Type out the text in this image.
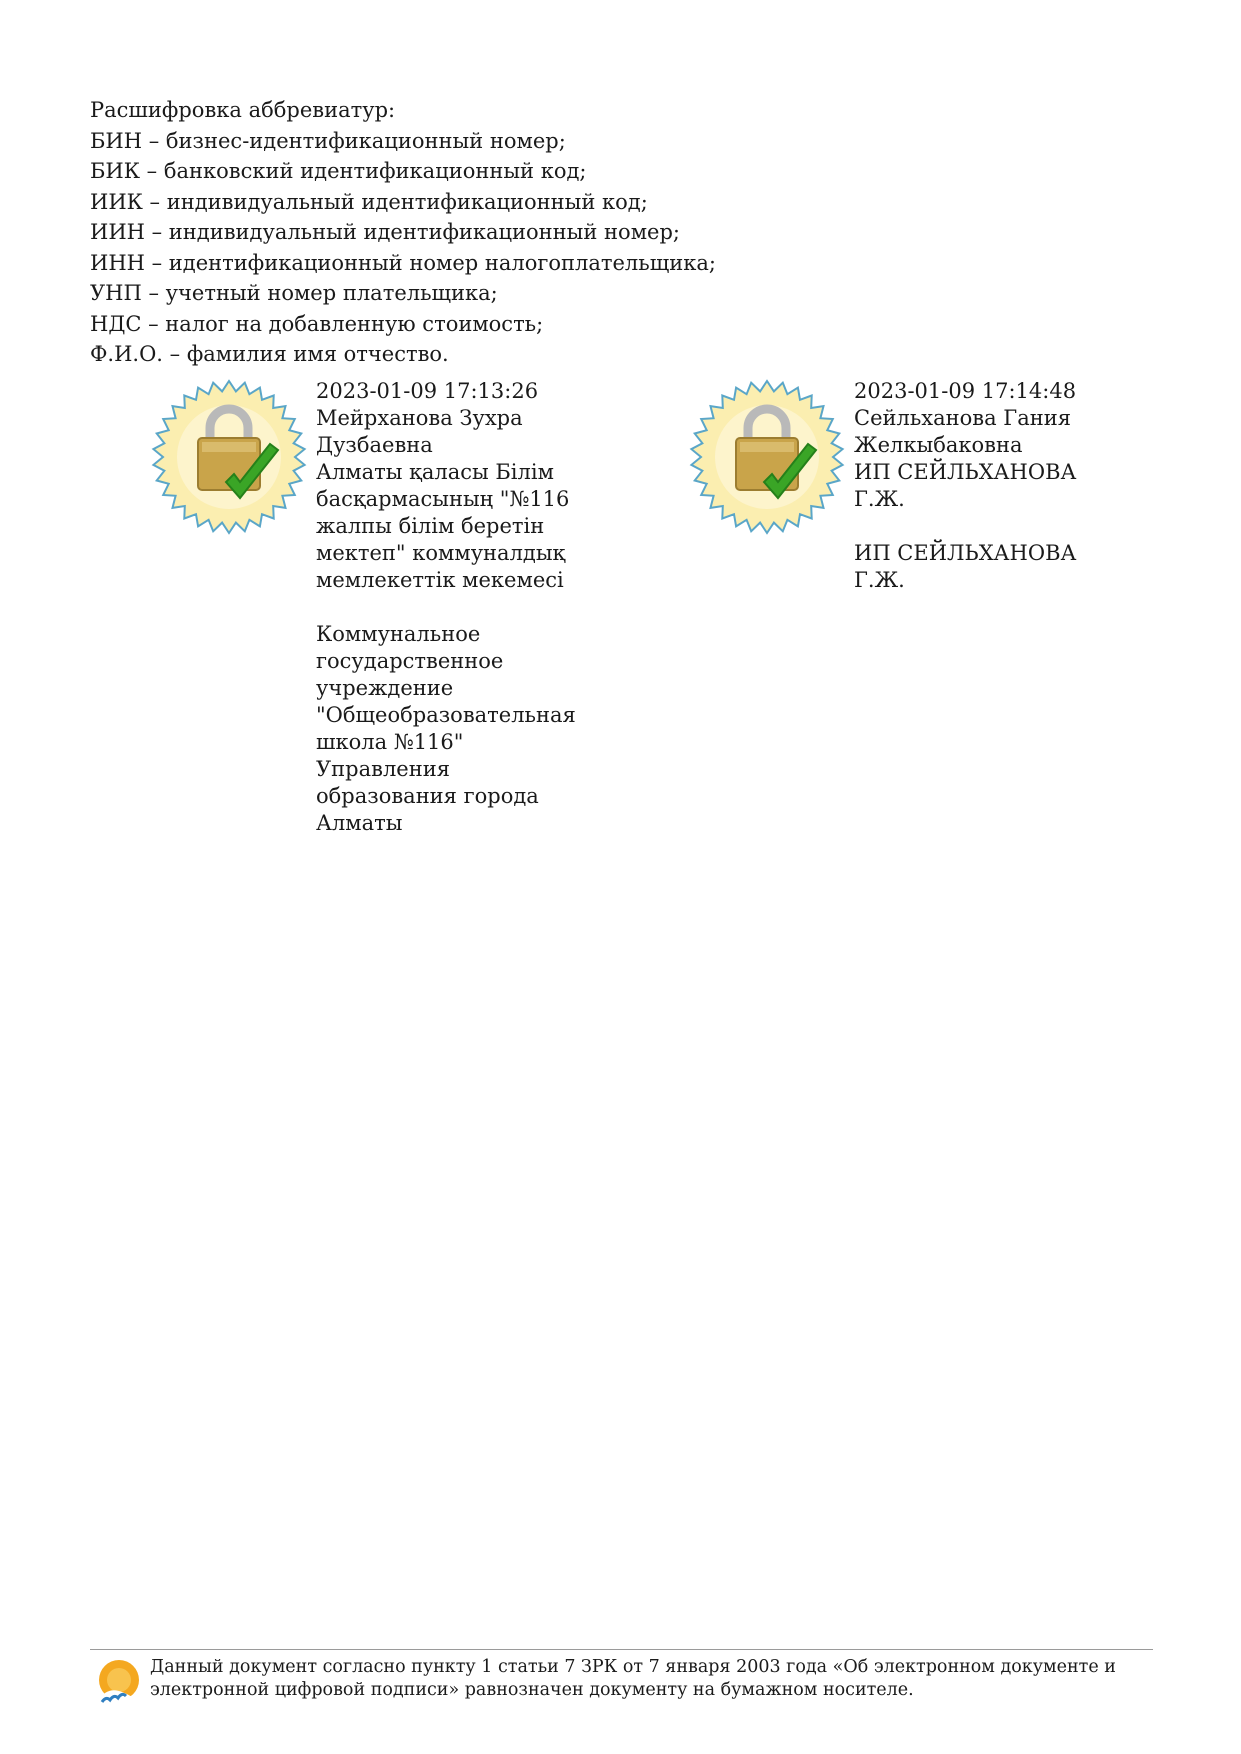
Расшифровка аббревиатур:
БИН – бизнес-идентификационный номер;
БИК – банковский идентификационный код;
ИИК – индивидуальный идентификационный код;
ИИН – индивидуальный идентификационный номер;
ИНН – идентификационный номер налогоплательщика;
УНП – учетный номер плательщика;
НДС – налог на добавленную стоимость;
Ф.И.О. – фамилия имя отчество.
2023-01-09 17:13:26
Мейрханова Зухра
Дузбаевна
Алматы қаласы Білім
басқармасының "№116
жалпы білім беретін
мектеп" коммуналдық
мемлекеттік мекемесі
Коммунальное
государственное
учреждение
"Общеобразовательная
школа №116"
Управления
образования города
Алматы
2023-01-09 17:14:48
Сейльханова Гания
Желкыбаковна
ИП СЕЙЛЬХАНОВА
Г.Ж.
ИП СЕЙЛЬХАНОВА
Г.Ж.
Данный документ согласно пункту 1 статьи 7 ЗРК от 7 января 2003 года «Об электронном документе и
электронной цифровой подписи» равнозначен документу на бумажном носителе.
